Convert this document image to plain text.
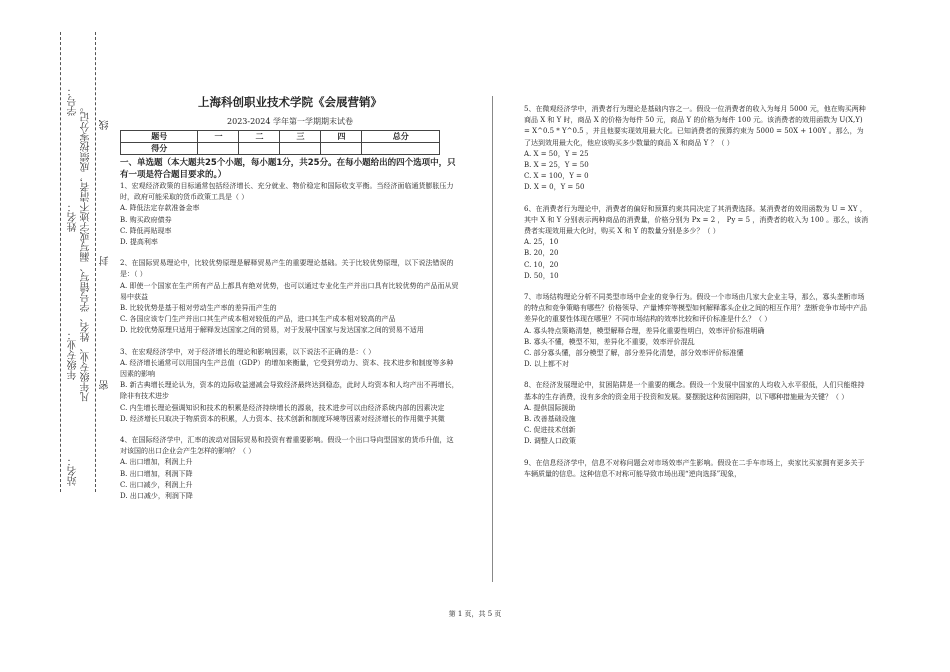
学号：
姓名：
年级专业：
站名：
凡年级专业、姓名、学号错写、漏写或字迹不清者，成绩按零分记。 线
封
密
上海科创职业技术学院《会展营销》
2023-2024 学年第一学期期末试卷
题号	一	二	三	四	总分
得分					
一、单选题（本大题共25个小题，每小题1分，共25分。在每小题给出的四个选项中，只有一项是符合题目要求的。）

1、宏观经济政策的目标通常包括经济增长、充分就业、物价稳定和国际收支平衡。当经济面临通货膨胀压力时，政府可能采取的货币政策工具是（ ）

A. 降低法定存款准备金率

B. 购买政府债券

C. 降低再贴现率

D. 提高利率

2、在国际贸易理论中，比较优势原理是解释贸易产生的重要理论基础。关于比较优势原理，以下说法错误的是：（ ）

A. 即使一个国家在生产所有产品上都具有绝对优势，也可以通过专业化生产并出口具有比较优势的产品而从贸易中获益

B. 比较优势是基于相对劳动生产率的差异而产生的

C. 各国应该专门生产并出口其生产成本相对较低的产品，进口其生产成本相对较高的产品

D. 比较优势原理只适用于解释发达国家之间的贸易，对于发展中国家与发达国家之间的贸易不适用

3、在宏观经济学中，对于经济增长的理论和影响因素，以下说法不正确的是：（ ）

A. 经济增长通常可以用国内生产总值（GDP）的增加来衡量，它受到劳动力、资本、技术进步和制度等多种因素的影响

B. 新古典增长理论认为，资本的边际收益递减会导致经济最终达到稳态，此时人均资本和人均产出不再增长，除非有技术进步

C. 内生增长理论强调知识和技术的积累是经济持续增长的源泉，技术进步可以由经济系统内部的因素决定

D. 经济增长只取决于物质资本的积累，人力资本、技术创新和制度环境等因素对经济增长的作用微乎其微

4、在国际经济学中，汇率的波动对国际贸易和投资有着重要影响。假设一个出口导向型国家的货币升值，这对该国的出口企业会产生怎样的影响？（ ）

A. 出口增加，利润上升

B. 出口增加，利润下降

C. 出口减少，利润上升

D. 出口减少，利润下降

5、在微观经济学中，消费者行为理论是基础内容之一。假设一位消费者的收入为每月 5000 元，他在购买两种商品 X 和 Y 时，商品 X 的价格为每件 50 元，商品 Y 的价格为每件 100 元。该消费者的效用函数为 U(X,Y) = X^0.5 * Y^0.5 ，并且他要实现效用最大化。已知消费者的预算约束为 5000 = 50X + 100Y 。那么，为了达到效用最大化，他应该购买多少数量的商品 X 和商品 Y ？（ ）

A. X = 50，Y = 25

B. X = 25，Y = 50

C. X = 100，Y = 0

D. X = 0，Y = 50

6、在消费者行为理论中，消费者的偏好和预算约束共同决定了其消费选择。某消费者的效用函数为 U = XY ，其中 X 和 Y 分别表示两种商品的消费量，价格分别为 Px = 2 ， Py = 5 ，消费者的收入为 100 。那么，该消费者实现效用最大化时，购买 X 和 Y 的数量分别是多少？（ ）

A. 25，10

B. 20，20

C. 10，20

D. 50，10

7、市场结构理论分析不同类型市场中企业的竞争行为。假设一个市场由几家大企业主导，那么，寡头垄断市场的特点和竞争策略有哪些？价格领导、产量博弈等模型如何解释寡头企业之间的相互作用？垄断竞争市场中产品差异化的重要性体现在哪里？不同市场结构的效率比较和评价标准是什么？（ ）

A. 寡头特点策略清楚，模型解释合理，差异化重要性明白，效率评价标准明确

B. 寡头不懂，模型不知，差异化不重要，效率评价混乱

C. 部分寡头懂，部分模型了解，部分差异化清楚，部分效率评价标准懂

D. 以上都不对

8、在经济发展理论中，贫困陷阱是一个重要的概念。假设一个发展中国家的人均收入水平很低，人们只能维持基本的生存消费，没有多余的资金用于投资和发展。要摆脱这种贫困陷阱，以下哪种措施最为关键？（ ）

A. 提供国际援助

B. 改善基础设施

C. 促进技术创新

D. 调整人口政策

9、在信息经济学中，信息不对称问题会对市场效率产生影响。假设在二手车市场上，卖家比买家拥有更多关于车辆质量的信息。这种信息不对称可能导致市场出现“逆向选择”现象，

第 1 页，共 5 页
